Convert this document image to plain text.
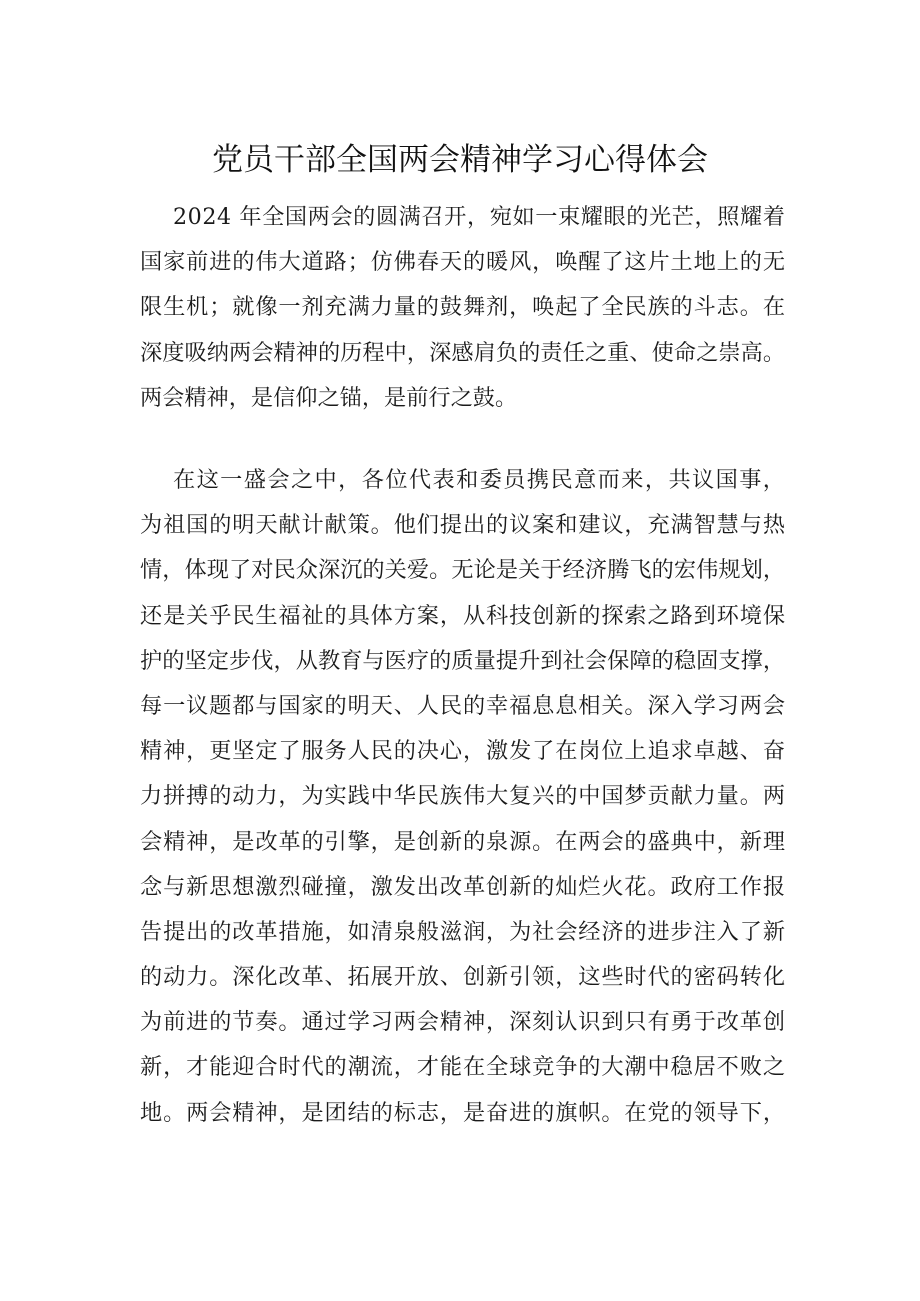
党员干部全国两会精神学习心得体会
2024 年全国两会的圆满召开，宛如一束耀眼的光芒，照耀着
国家前进的伟大道路；仿佛春天的暖风，唤醒了这片土地上的无
限生机；就像一剂充满力量的鼓舞剂，唤起了全民族的斗志。在
深度吸纳两会精神的历程中，深感肩负的责任之重、使命之崇高。
两会精神，是信仰之锚，是前行之鼓。
在这一盛会之中，各位代表和委员携民意而来，共议国事，
为祖国的明天献计献策。他们提出的议案和建议，充满智慧与热
情，体现了对民众深沉的关爱。无论是关于经济腾飞的宏伟规划，
还是关乎民生福祉的具体方案，从科技创新的探索之路到环境保
护的坚定步伐，从教育与医疗的质量提升到社会保障的稳固支撑，
每一议题都与国家的明天、人民的幸福息息相关。深入学习两会
精神，更坚定了服务人民的决心，激发了在岗位上追求卓越、奋
力拼搏的动力，为实践中华民族伟大复兴的中国梦贡献力量。两
会精神，是改革的引擎，是创新的泉源。在两会的盛典中，新理
念与新思想激烈碰撞，激发出改革创新的灿烂火花。政府工作报
告提出的改革措施，如清泉般滋润，为社会经济的进步注入了新
的动力。深化改革、拓展开放、创新引领，这些时代的密码转化
为前进的节奏。通过学习两会精神，深刻认识到只有勇于改革创
新，才能迎合时代的潮流，才能在全球竞争的大潮中稳居不败之
地。两会精神，是团结的标志，是奋进的旗帜。在党的领导下，
